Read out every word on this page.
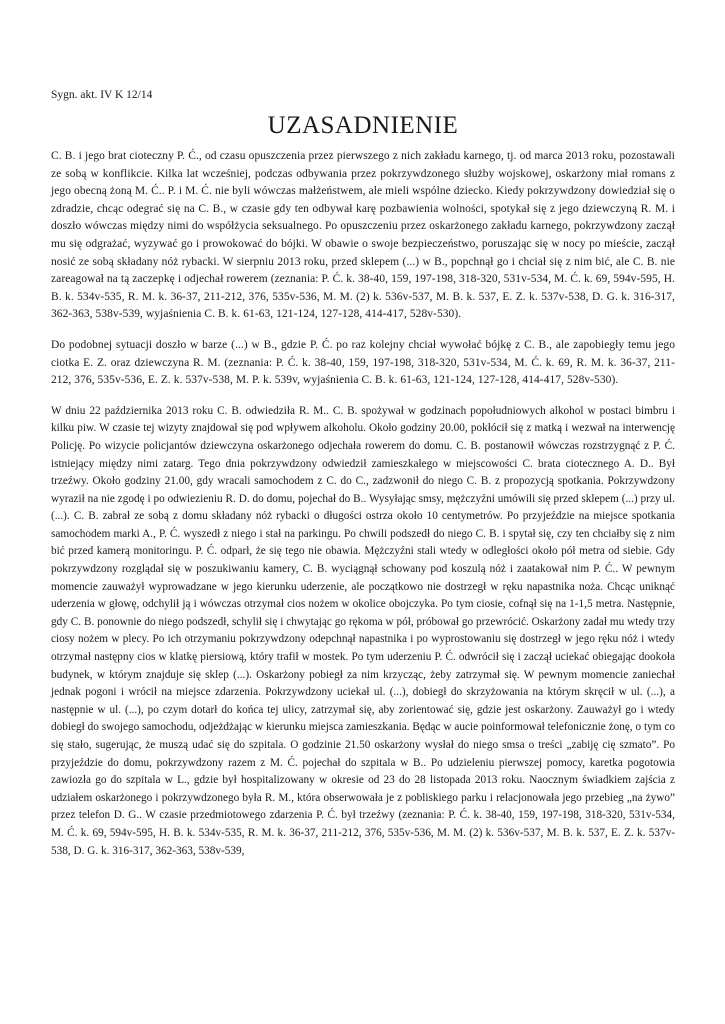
Sygn. akt. IV K 12/14
UZASADNIENIE

C. B. i jego brat cioteczny P. Ć., od czasu opuszczenia przez pierwszego z nich zakładu karnego, tj. od marca 2013 roku, pozostawali ze sobą w konflikcie. Kilka lat wcześniej, podczas odbywania przez pokrzywdzonego służby wojskowej, oskarżony miał romans z jego obecną żoną M. Ć.. P. i M. Ć. nie byli wówczas małżeństwem, ale mieli wspólne dziecko. Kiedy pokrzywdzony dowiedział się o zdradzie, chcąc odegrać się na C. B., w czasie gdy ten odbywał karę pozbawienia wolności, spotykał się z jego dziewczyną R. M. i doszło wówczas między nimi do współżycia seksualnego. Po opuszczeniu przez oskarżonego zakładu karnego, pokrzywdzony zaczął mu się odgrażać, wyzywać go i prowokować do bójki. W obawie o swoje bezpieczeństwo, poruszając się w nocy po mieście, zaczął nosić ze sobą składany nóż rybacki. W sierpniu 2013 roku, przed sklepem (...) w B., popchnął go i chciał się z nim bić, ale C. B. nie zareagował na tą zaczepkę i odjechał rowerem (zeznania: P. Ć. k. 38-40, 159, 197-198, 318-320, 531v-534, M. Ć. k. 69, 594v-595, H. B. k. 534v-535, R. M. k. 36-37, 211-212, 376, 535v-536, M. M. (2) k. 536v-537, M. B. k. 537, E. Z. k. 537v-538, D. G. k. 316-317, 362-363, 538v-539, wyjaśnienia C. B. k. 61-63, 121-124, 127-128, 414-417, 528v-530).

Do podobnej sytuacji doszło w barze (...) w B., gdzie P. Ć. po raz kolejny chciał wywołać bójkę z C. B., ale zapobiegły temu jego ciotka E. Z. oraz dziewczyna R. M. (zeznania: P. Ć. k. 38-40, 159, 197-198, 318-320, 531v-534, M. Ć. k. 69, R. M. k. 36-37, 211-212, 376, 535v-536, E. Z. k. 537v-538, M. P. k. 539v, wyjaśnienia C. B. k. 61-63, 121-124, 127-128, 414-417, 528v-530).

W dniu 22 października 2013 roku C. B. odwiedziła R. M.. C. B. spożywał w godzinach popołudniowych alkohol w postaci bimbru i kilku piw. W czasie tej wizyty znajdował się pod wpływem alkoholu. Około godziny 20.00, pokłócił się z matką i wezwał na interwencję Policję. Po wizycie policjantów dziewczyna oskarżonego odjechała rowerem do domu. C. B. postanowił wówczas rozstrzygnąć z P. Ć. istniejący między nimi zatarg. Tego dnia pokrzywdzony odwiedził zamieszkałego w miejscowości C. brata ciotecznego A. D.. Był trzeźwy. Około godziny 21.00, gdy wracali samochodem z C. do C., zadzwonił do niego C. B. z propozycją spotkania. Pokrzywdzony wyraził na nie zgodę i po odwiezieniu R. D. do domu, pojechał do B.. Wysyłając smsy, mężczyźni umówili się przed sklepem (...) przy ul. (...). C. B. zabrał ze sobą z domu składany nóż rybacki o długości ostrza około 10 centymetrów. Po przyjeździe na miejsce spotkania samochodem marki A., P. Ć. wyszedł z niego i stał na parkingu. Po chwili podszedł do niego C. B. i spytał się, czy ten chciałby się z nim bić przed kamerą monitoringu. P. Ć. odparł, że się tego nie obawia. Mężczyźni stali wtedy w odległości około pół metra od siebie. Gdy pokrzywdzony rozglądał się w poszukiwaniu kamery, C. B. wyciągnął schowany pod koszulą nóż i zaatakował nim P. Ć.. W pewnym momencie zauważył wyprowadzane w jego kierunku uderzenie, ale początkowo nie dostrzegł w ręku napastnika noża. Chcąc uniknąć uderzenia w głowę, odchylił ją i wówczas otrzymał cios nożem w okolice obojczyka. Po tym ciosie, cofnął się na 1-1,5 metra. Następnie, gdy C. B. ponownie do niego podszedł, schylił się i chwytając go rękoma w pół, próbował go przewrócić. Oskarżony zadał mu wtedy trzy ciosy nożem w plecy. Po ich otrzymaniu pokrzywdzony odepchnął napastnika i po wyprostowaniu się dostrzegł w jego ręku nóż i wtedy otrzymał następny cios w klatkę piersiową, który trafił w mostek. Po tym uderzeniu P. Ć. odwrócił się i zaczął uciekać obiegając dookoła budynek, w którym znajduje się sklep (...). Oskarżony pobiegł za nim krzycząc, żeby zatrzymał się. W pewnym momencie zaniechał jednak pogoni i wrócił na miejsce zdarzenia. Pokrzywdzony uciekał ul. (...), dobiegł do skrzyżowania na którym skręcił w ul. (...), a następnie w ul. (...), po czym dotarł do końca tej ulicy, zatrzymał się, aby zorientować się, gdzie jest oskarżony. Zauważył go i wtedy dobiegł do swojego samochodu, odjeżdżając w kierunku miejsca zamieszkania. Będąc w aucie poinformował telefonicznie żonę, o tym co się stało, sugerując, że muszą udać się do szpitala. O godzinie 21.50 oskarżony wysłał do niego smsa o treści „zabiję cię szmato”. Po przyjeździe do domu, pokrzywdzony razem z M. Ć. pojechał do szpitala w B.. Po udzieleniu pierwszej pomocy, karetka pogotowia zawiozła go do szpitala w L., gdzie był hospitalizowany w okresie od 23 do 28 listopada 2013 roku. Naocznym świadkiem zajścia z udziałem oskarżonego i pokrzywdzonego była R. M., która obserwowała je z pobliskiego parku i relacjonowała jego przebieg „na żywo” przez telefon D. G.. W czasie przedmiotowego zdarzenia P. Ć. był trzeźwy (zeznania: P. Ć. k. 38-40, 159, 197-198, 318-320, 531v-534, M. Ć. k. 69, 594v-595, H. B. k. 534v-535, R. M. k. 36-37, 211-212, 376, 535v-536, M. M. (2) k. 536v-537, M. B. k. 537, E. Z. k. 537v-538, D. G. k. 316-317, 362-363, 538v-539,
